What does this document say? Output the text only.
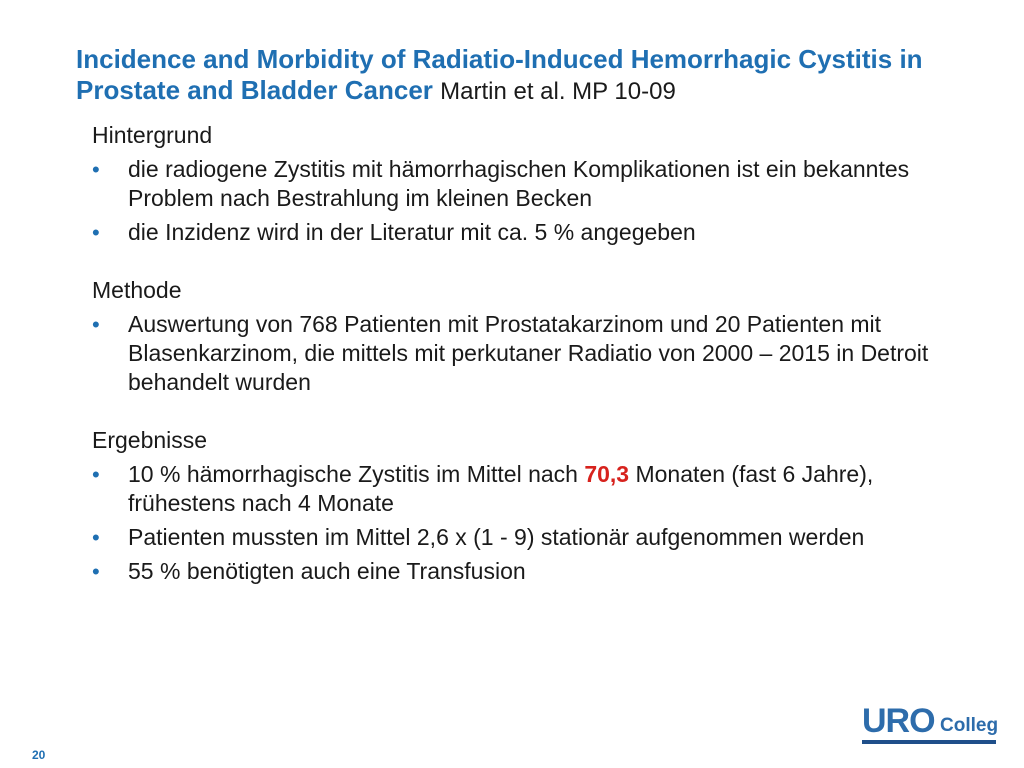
Incidence and Morbidity of Radiatio-Induced Hemorrhagic Cystitis in Prostate and Bladder Cancer Martin et al. MP 10-09

Hintergrund

• die radiogene Zystitis mit hämorrhagischen Komplikationen ist ein bekanntes Problem nach Bestrahlung im kleinen Becken
• die Inzidenz wird in der Literatur mit ca. 5 % angegeben

Methode

• Auswertung von 768 Patienten mit Prostatakarzinom und 20 Patienten mit Blasenkarzinom, die mittels mit perkutaner Radiatio von 2000 – 2015 in Detroit behandelt wurden

Ergebnisse

• 10 % hämorrhagische Zystitis im Mittel nach 70,3 Monaten (fast 6 Jahre), frühestens nach 4 Monate
• Patienten mussten im Mittel 2,6 x (1 - 9) stationär aufgenommen werden
• 55 % benötigten auch eine Transfusion
20
URO Colleg
